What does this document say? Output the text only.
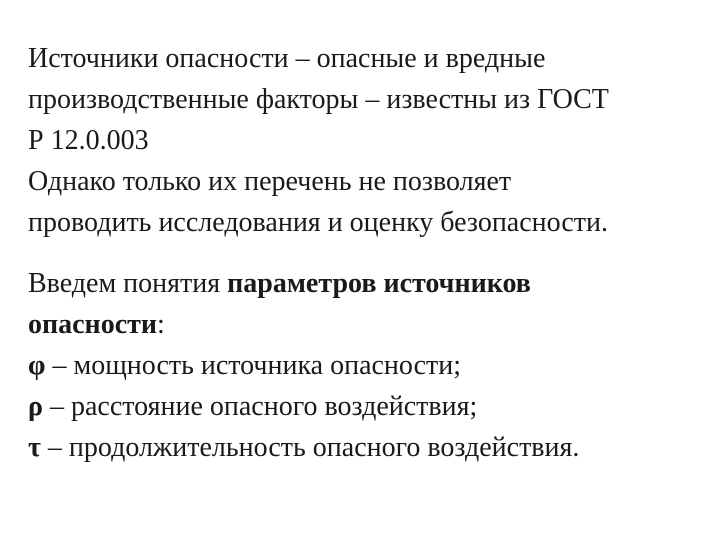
Источники опасности – опасные и вредные
производственные факторы – известны из ГОСТ
Р 12.0.003
Однако только их перечень не позволяет
проводить исследования и оценку безопасности.
Введем понятия параметров источников
опасности:
φ – мощность источника опасности;
ρ – расстояние опасного воздействия;
τ – продолжительность опасного воздействия.
